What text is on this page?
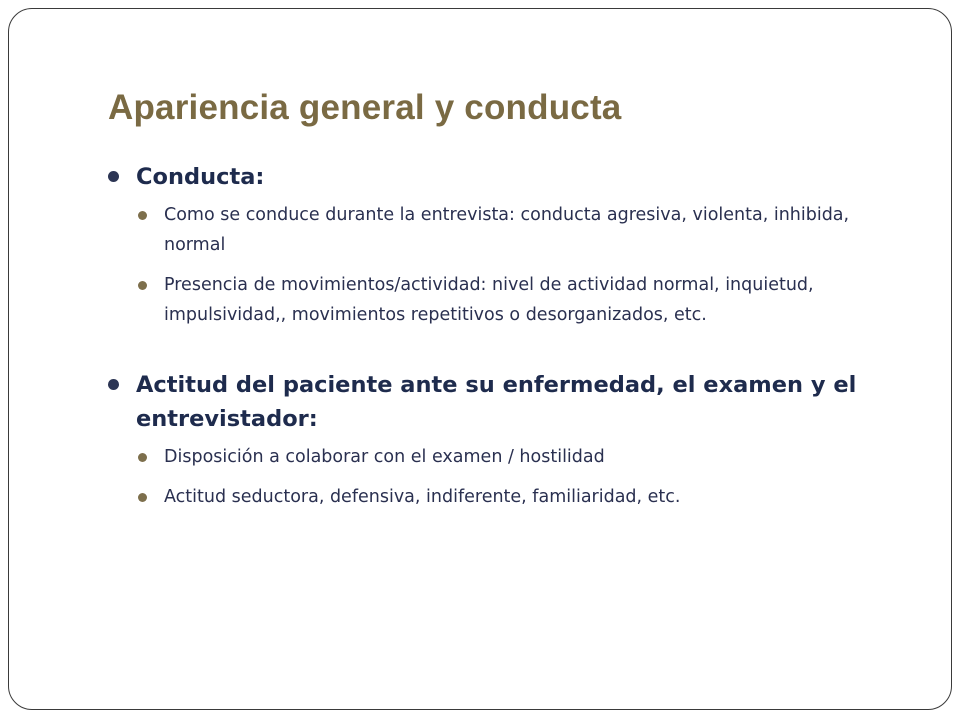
Apariencia general y conducta
Conducta:
Como se conduce durante la entrevista: conducta agresiva, violenta, inhibida, normal
Presencia de movimientos/actividad: nivel de actividad normal, inquietud, impulsividad,, movimientos repetitivos o desorganizados, etc.
Actitud del paciente ante su enfermedad, el examen y el entrevistador:
Disposición a colaborar con el examen / hostilidad
Actitud seductora, defensiva, indiferente, familiaridad, etc.
